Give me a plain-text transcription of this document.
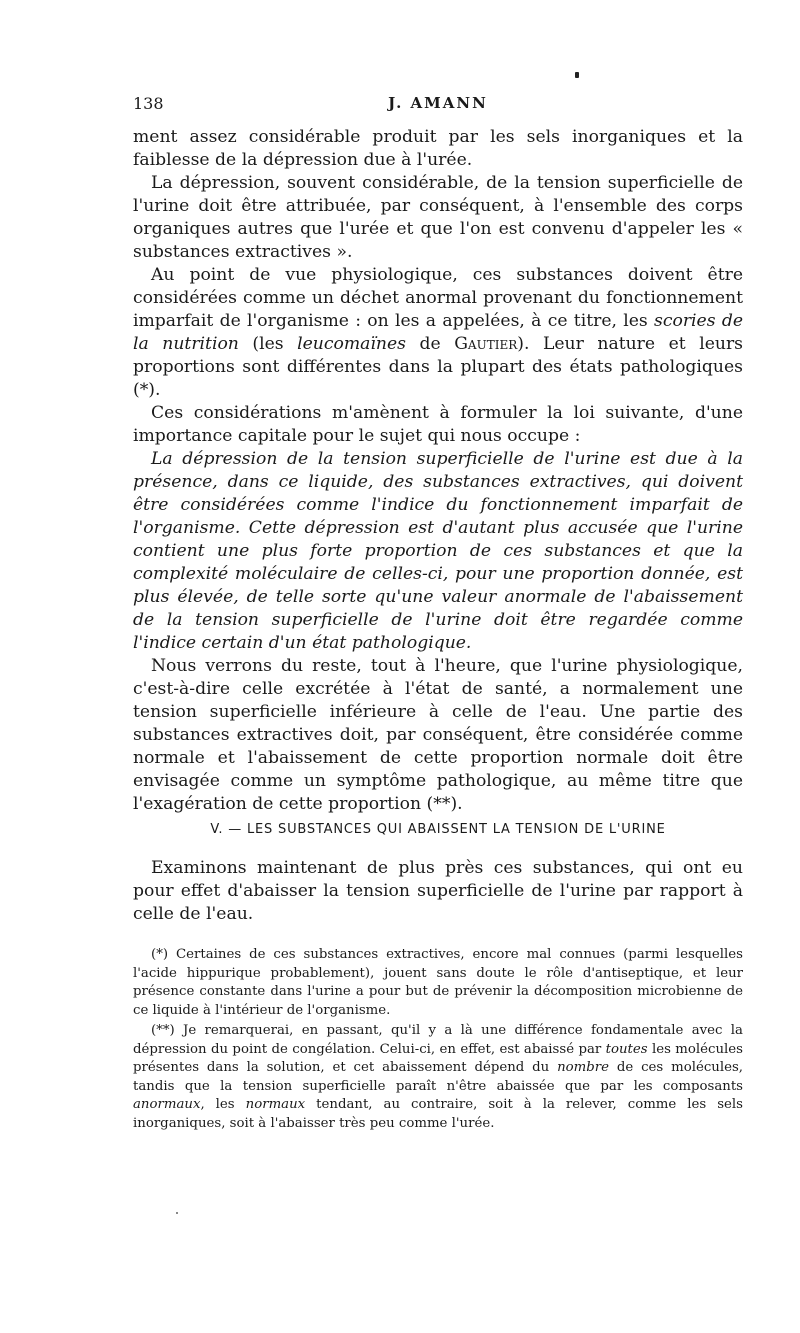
138	J. AMANN

ment assez considérable produit par les sels inorganiques et la faiblesse de la dépression due à l'urée.

La dépression, souvent considérable, de la tension superficielle de l'urine doit être attribuée, par conséquent, à l'ensemble des corps organiques autres que l'urée et que l'on est convenu d'appeler les « substances extractives ».

Au point de vue physiologique, ces substances doivent être considérées comme un déchet anormal provenant du fonctionnement imparfait de l'organisme : on les a appelées, à ce titre, les scories de la nutrition (les leucomaïnes de Gautier). Leur nature et leurs proportions sont différentes dans la plupart des états pathologiques (*).

Ces considérations m'amènent à formuler la loi suivante, d'une importance capitale pour le sujet qui nous occupe :

La dépression de la tension superficielle de l'urine est due à la présence, dans ce liquide, des substances extractives, qui doivent être considérées comme l'indice du fonctionnement imparfait de l'organisme. Cette dépression est d'autant plus accusée que l'urine contient une plus forte proportion de ces substances et que la complexité moléculaire de celles-ci, pour une proportion donnée, est plus élevée, de telle sorte qu'une valeur anormale de l'abaissement de la tension superficielle de l'urine doit être regardée comme l'indice certain d'un état pathologique.

Nous verrons du reste, tout à l'heure, que l'urine physiologique, c'est-à-dire celle excrétée à l'état de santé, a normalement une tension superficielle inférieure à celle de l'eau. Une partie des substances extractives doit, par conséquent, être considérée comme normale et l'abaissement de cette proportion normale doit être envisagée comme un symptôme pathologique, au même titre que l'exagération de cette proportion (**).

V. — LES SUBSTANCES QUI ABAISSENT LA TENSION DE L'URINE

Examinons maintenant de plus près ces substances, qui ont eu pour effet d'abaisser la tension superficielle de l'urine par rapport à celle de l'eau.

(*) Certaines de ces substances extractives, encore mal connues (parmi lesquelles l'acide hippurique probablement), jouent sans doute le rôle d'antiseptique, et leur présence constante dans l'urine a pour but de prévenir la décomposition microbienne de ce liquide à l'intérieur de l'organisme.

(**) Je remarquerai, en passant, qu'il y a là une différence fondamentale avec la dépression du point de congélation. Celui-ci, en effet, est abaissé par toutes les molécules présentes dans la solution, et cet abaissement dépend du nombre de ces molécules, tandis que la tension superficielle paraît n'être abaissée que par les composants anormaux, les normaux tendant, au contraire, soit à la relever, comme les sels inorganiques, soit à l'abaisser très peu comme l'urée.
